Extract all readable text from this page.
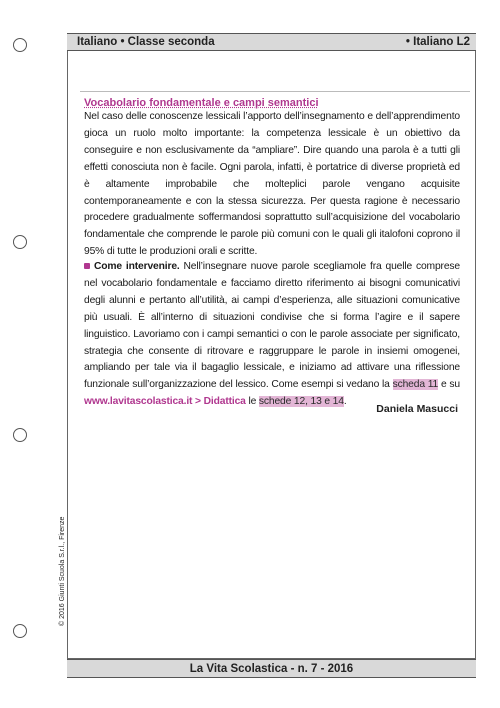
Italiano • Classe seconda	• Italiano L2
Vocabolario fondamentale e campi semantici

Nel caso delle conoscenze lessicali l’apporto dell’insegnamento e dell’apprendimento gioca un ruolo molto importante: la competenza lessicale è un obiettivo da conseguire e non esclusivamente da “ampliare”. Dire quando una parola è a tutti gli effetti conosciuta non è facile. Ogni parola, infatti, è portatrice di diverse proprietà ed è altamente improbabile che molteplici parole vengano acquisite contemporaneamente e con la stessa sicurezza. Per questa ragione è necessario procedere gradualmente soffermandosi soprattutto sull’acquisizione del vocabolario fondamentale che comprende le parole più comuni con le quali gli italofoni coprono il 95% di tutte le produzioni orali e scritte.

Come intervenire. Nell’insegnare nuove parole scegliamole fra quelle comprese nel vocabolario fondamentale e facciamo diretto riferimento ai bisogni comunicativi degli alunni e pertanto all’utilità, ai campi d’esperienza, alle situazioni comunicative più usuali. È all’interno di situazioni condivise che si forma l’agire e il sapere linguistico. Lavoriamo con i campi semantici o con le parole associate per significato, strategia che consente di ritrovare e raggruppare le parole in insiemi omogenei, ampliando per tale via il bagaglio lessicale, e iniziamo ad attivare una riflessione funzionale sull’organizzazione del lessico. Come esempi si vedano la scheda 11 e su www.lavitascolastica.it > Didattica le schede 12, 13 e 14.

Daniela Masucci
© 2016 Giunti Scuola S.r.l., Firenze
La Vita Scolastica - n. 7 - 2016
